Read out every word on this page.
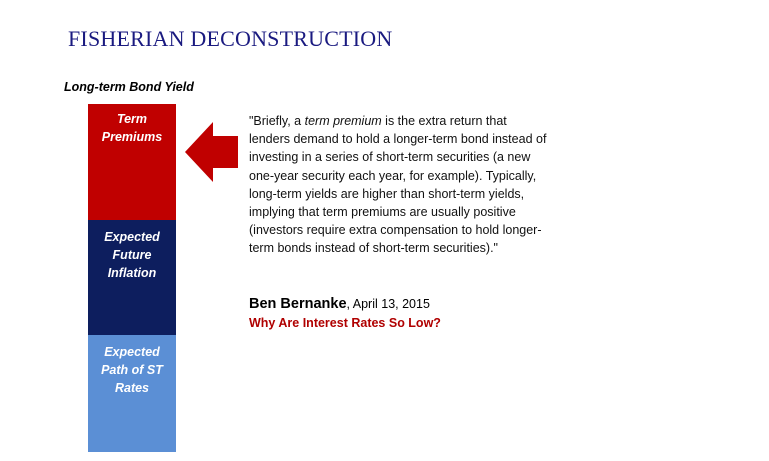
FISHERIAN DECONSTRUCTION
Long-term Bond Yield
Term
Premiums
Expected
Future
Inflation
Expected
Path of ST
Rates
"Briefly, a term premium is the extra return that lenders demand to hold a longer-term bond instead of investing in a series of short-term securities (a new one-year security each year, for example). Typically, long-term yields are higher than short-term yields, implying that term premiums are usually positive (investors require extra compensation to hold longer-term bonds instead of short-term securities)."
Ben Bernanke, April 13, 2015
Why Are Interest Rates So Low?
